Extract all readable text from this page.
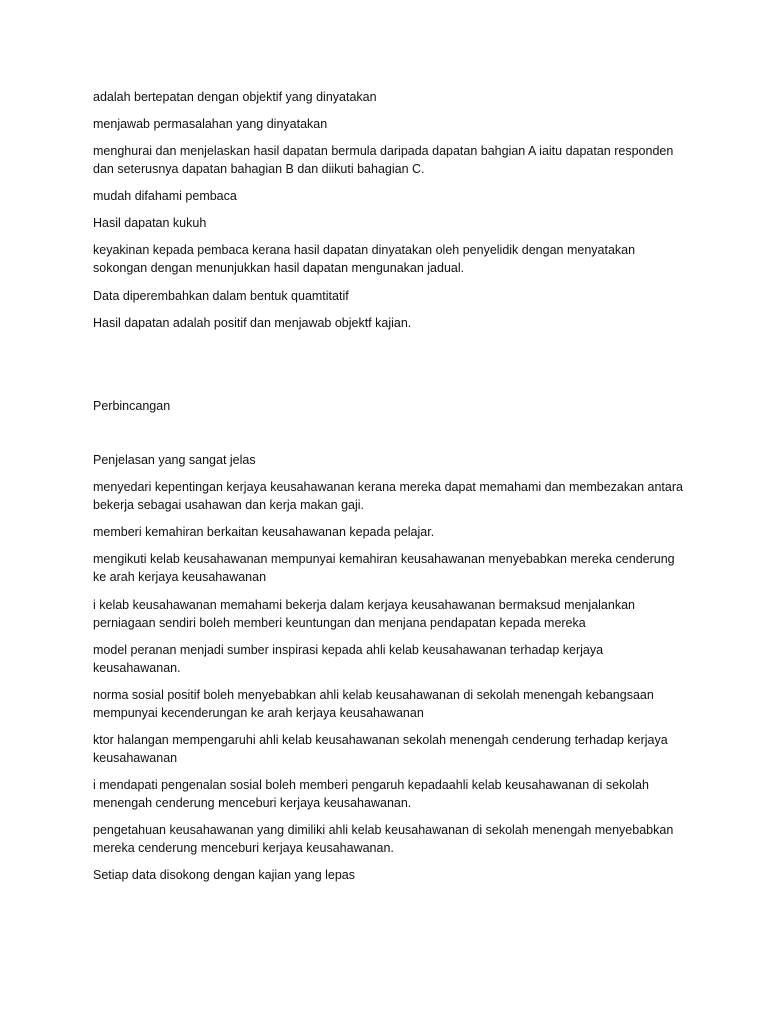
adalah bertepatan dengan objektif yang dinyatakan

menjawab permasalahan yang dinyatakan

menghurai dan menjelaskan hasil dapatan bermula daripada dapatan bahgian A iaitu dapatan responden dan seterusnya dapatan bahagian B dan diikuti bahagian C.

mudah difahami pembaca

Hasil dapatan kukuh

keyakinan kepada pembaca kerana hasil dapatan dinyatakan oleh penyelidik dengan menyatakan sokongan dengan menunjukkan hasil dapatan mengunakan jadual.

Data diperembahkan dalam bentuk quamtitatif

Hasil dapatan adalah positif dan menjawab objektf kajian.

Perbincangan

Penjelasan yang sangat jelas

menyedari kepentingan kerjaya keusahawanan kerana mereka dapat memahami dan membezakan antara bekerja sebagai usahawan dan kerja makan gaji.

memberi kemahiran berkaitan keusahawanan kepada pelajar.

mengikuti kelab keusahawanan mempunyai kemahiran keusahawanan menyebabkan mereka cenderung ke arah kerjaya keusahawanan

i kelab keusahawanan memahami bekerja dalam kerjaya keusahawanan bermaksud menjalankan perniagaan sendiri boleh memberi keuntungan dan menjana pendapatan kepada mereka

model peranan menjadi sumber inspirasi kepada ahli kelab keusahawanan terhadap kerjaya keusahawanan.

norma sosial positif boleh menyebabkan ahli kelab keusahawanan di sekolah menengah kebangsaan mempunyai kecenderungan ke arah kerjaya keusahawanan

ktor halangan mempengaruhi ahli kelab keusahawanan sekolah menengah cenderung terhadap kerjaya keusahawanan

i mendapati pengenalan sosial boleh memberi pengaruh kepadaahli kelab keusahawanan di sekolah menengah cenderung menceburi kerjaya keusahawanan.

pengetahuan keusahawanan yang dimiliki ahli kelab keusahawanan di sekolah menengah menyebabkan mereka cenderung menceburi kerjaya keusahawanan.

Setiap data disokong dengan kajian yang lepas
